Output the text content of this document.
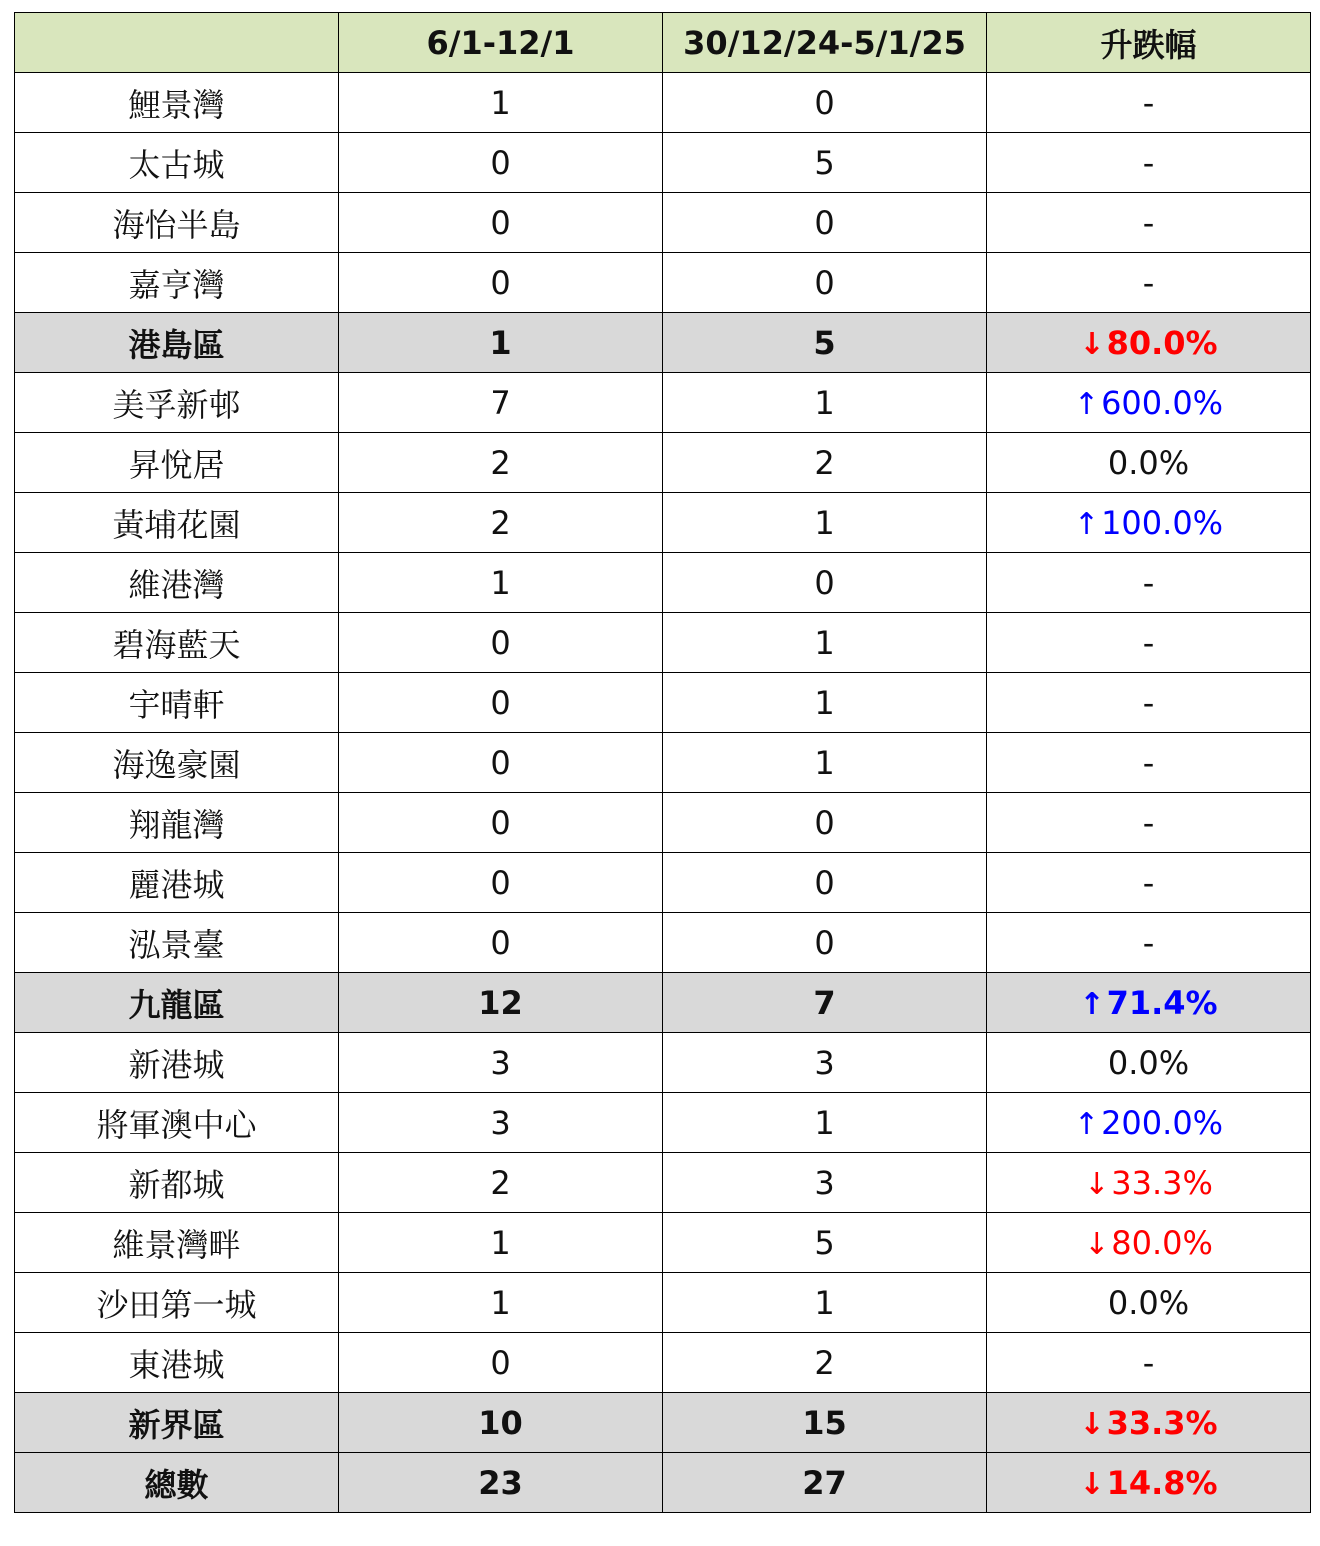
	6/1-12/1	30/12/24-5/1/25	升跌幅
鯉景灣	1	0	-
太古城	0	5	-
海怡半島	0	0	-
嘉亨灣	0	0	-
港島區	1	5	↓80.0%
美孚新邨	7	1	↑600.0%
昇悅居	2	2	0.0%
黃埔花園	2	1	↑100.0%
維港灣	1	0	-
碧海藍天	0	1	-
宇晴軒	0	1	-
海逸豪園	0	1	-
翔龍灣	0	0	-
麗港城	0	0	-
泓景臺	0	0	-
九龍區	12	7	↑71.4%
新港城	3	3	0.0%
將軍澳中心	3	1	↑200.0%
新都城	2	3	↓33.3%
維景灣畔	1	5	↓80.0%
沙田第一城	1	1	0.0%
東港城	0	2	-
新界區	10	15	↓33.3%
總數	23	27	↓14.8%
